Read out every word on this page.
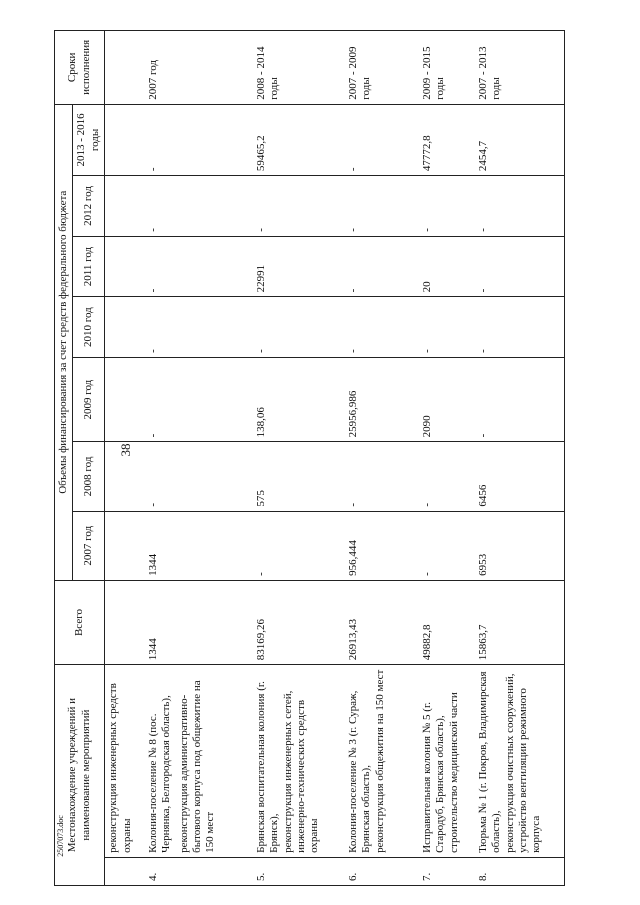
38
Местонахождение учреждений и наименование мероприятий		Всего	Объемы финансирования за счет средств федерального бюджета							Сроки исполнения
			2007 год	2008 год	2009 год	2010 год	2011 год	2012 год	2013 - 2016 годы	

	реконструкция инженерных средств охраны									

4.	Колония-поселение № 8 (пос. Чернянка, Белгородская область), реконструкция административно-бытового корпуса под общежитие на 150 мест	1344	1344	-	-	-	-	-	-	2007 год
5.	Брянская воспитательная колония (г. Брянск), реконструкция инженерных сетей, инженерно-технических средств охраны	83169,26	-	575	138,06	-	22991	-	59465,2	2008 - 2014 годы
6.	Колония-поселение № 3 (г. Сураж, Брянская область), реконструкция общежития на 150 мест	26913,43	956,444	-	25956,986	-	-	-	-	2007 - 2009 годы
7.	Исправительная колония № 5 (г. Стародуб, Брянская область), строительство медицинской части	49882,8	-	-	2090	-	20	-	47772,8	2009 - 2015 годы
8.	Тюрьма № 1 (г. Покров, Владимирская область), реконструкция очистных сооружений, устройство вентиляции режимного корпуса	15863,7	6953	6456	-	-	-	-	2454,7	2007 - 2013 годы
2507073.doc
